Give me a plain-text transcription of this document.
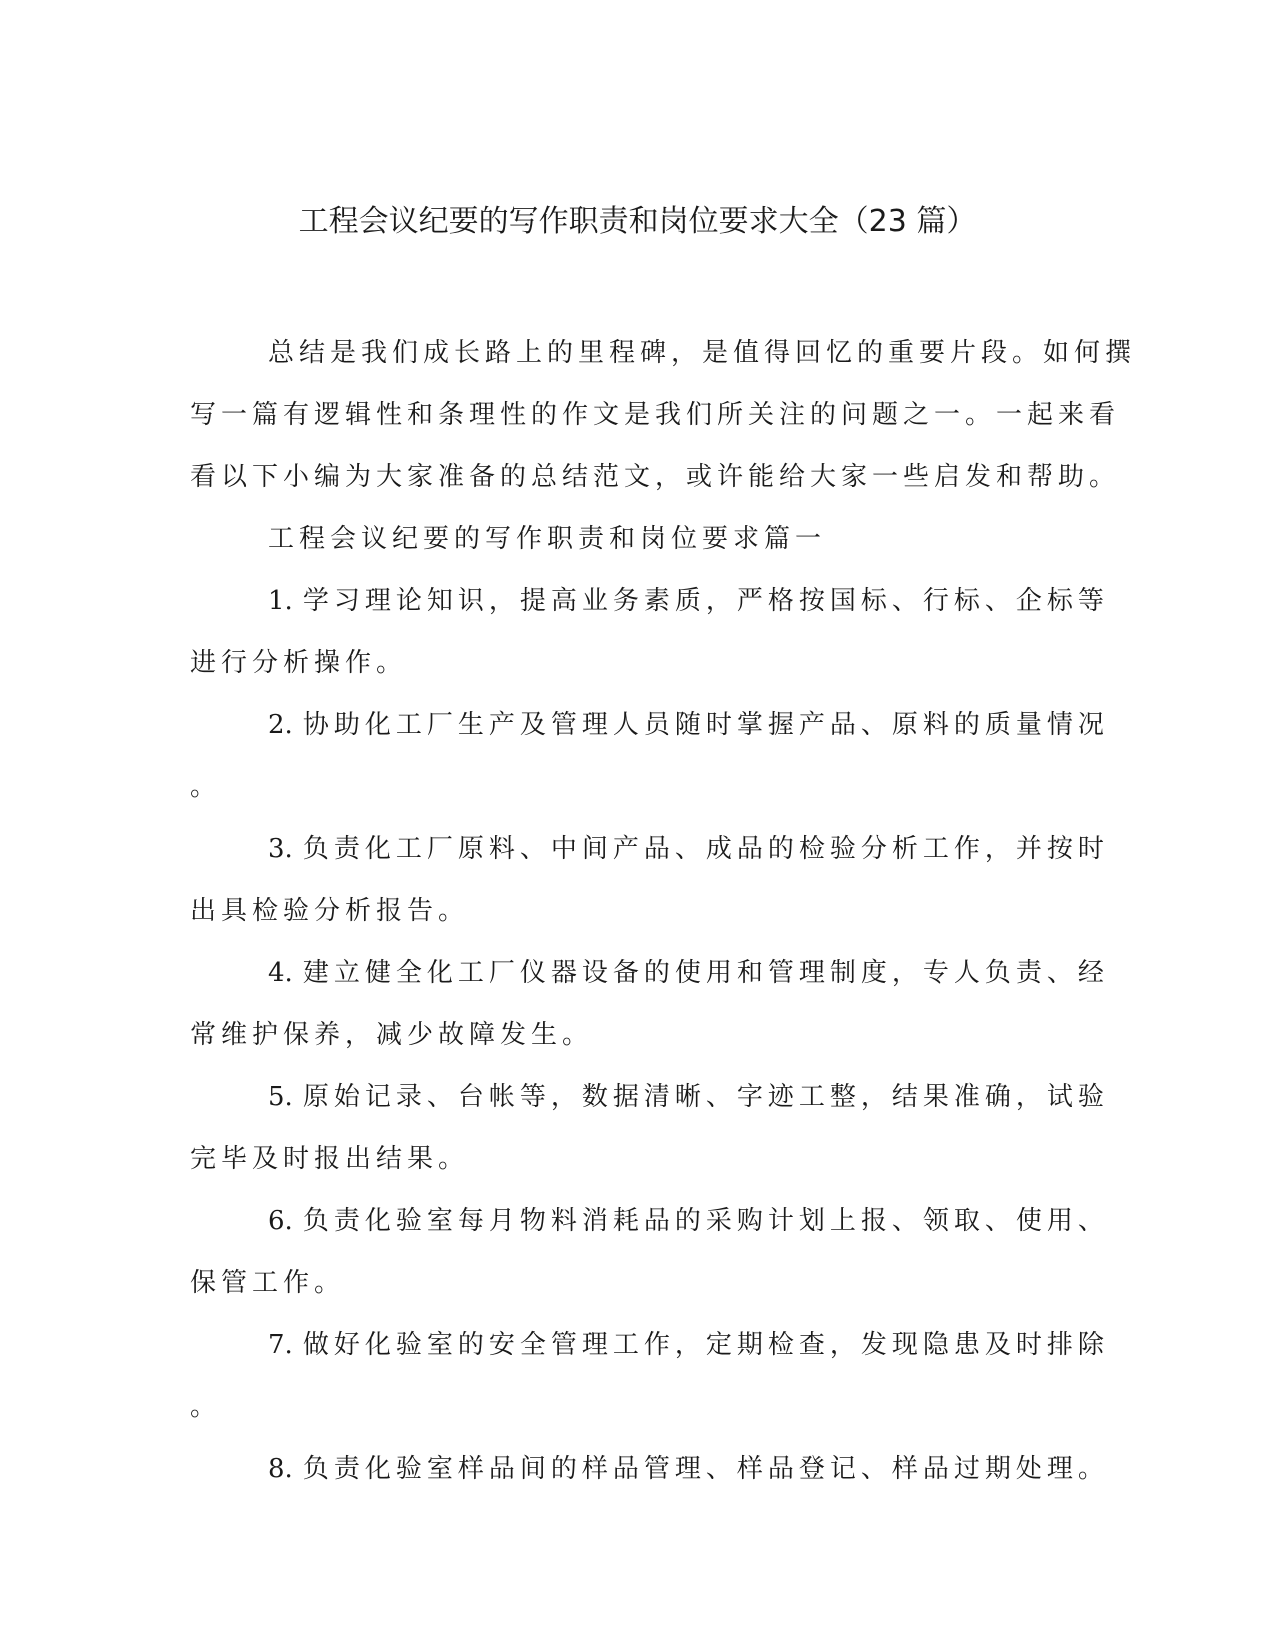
工程会议纪要的写作职责和岗位要求大全（23 篇）

总结是我们成长路上的里程碑，是值得回忆的重要片段。如何撰

写一篇有逻辑性和条理性的作文是我们所关注的问题之一。一起来看

看以下小编为大家准备的总结范文，或许能给大家一些启发和帮助。

工程会议纪要的写作职责和岗位要求篇一

1. 学习理论知识，提高业务素质，严格按国标、行标、企标等

进行分析操作。

2. 协助化工厂生产及管理人员随时掌握产品、原料的质量情况

。

3. 负责化工厂原料、中间产品、成品的检验分析工作，并按时

出具检验分析报告。

4. 建立健全化工厂仪器设备的使用和管理制度，专人负责、经

常维护保养，减少故障发生。

5. 原始记录、台帐等，数据清晰、字迹工整，结果准确，试验

完毕及时报出结果。

6. 负责化验室每月物料消耗品的采购计划上报、领取、使用、

保管工作。

7. 做好化验室的安全管理工作，定期检查，发现隐患及时排除

。

8. 负责化验室样品间的样品管理、样品登记、样品过期处理。
